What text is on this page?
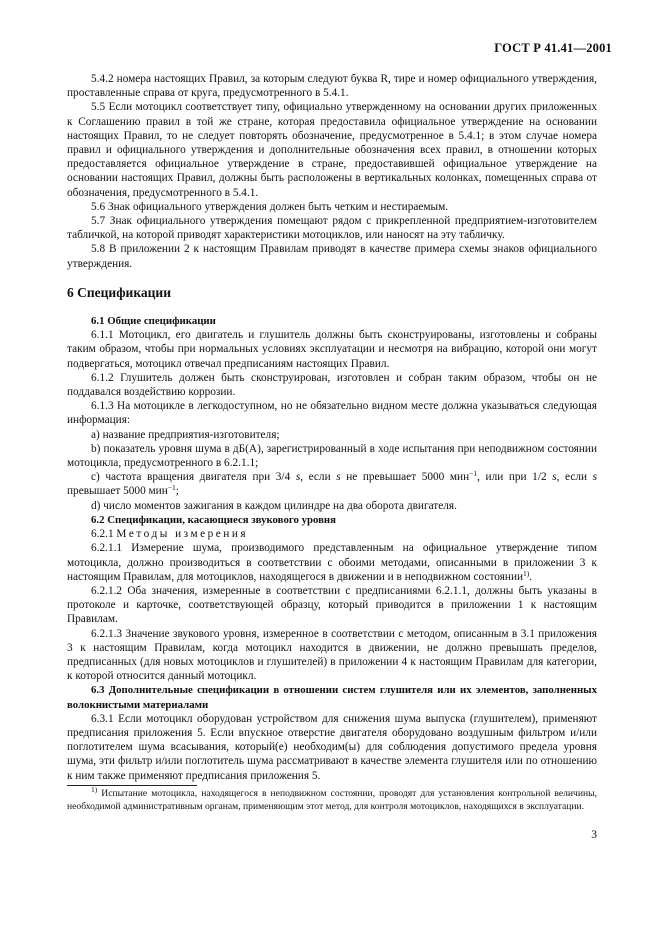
ГОСТ Р 41.41—2001

5.4.2 номера настоящих Правил, за которым следуют буква R, тире и номер официального утверждения, проставленные справа от круга, предусмотренного в 5.4.1.

5.5 Если мотоцикл соответствует типу, официально утвержденному на основании других приложенных к Соглашению правил в той же стране, которая предоставила официальное утверждение на основании настоящих Правил, то не следует повторять обозначение, предусмотренное в 5.4.1; в этом случае номера правил и официального утверждения и дополнительные обозначения всех правил, в отношении которых предоставляется официальное утверждение в стране, предоставившей официальное утверждение на основании настоящих Правил, должны быть расположены в вертикальных колонках, помещенных справа от обозначения, предусмотренного в 5.4.1.

5.6 Знак официального утверждения должен быть четким и нестираемым.

5.7 Знак официального утверждения помещают рядом с прикрепленной предприятием-изготовителем табличкой, на которой приводят характеристики мотоциклов, или наносят на эту табличку.

5.8 В приложении 2 к настоящим Правилам приводят в качестве примера схемы знаков официального утверждения.

6 Спецификации

6.1 Общие спецификации

6.1.1 Мотоцикл, его двигатель и глушитель должны быть сконструированы, изготовлены и собраны таким образом, чтобы при нормальных условиях эксплуатации и несмотря на вибрацию, которой они могут подвергаться, мотоцикл отвечал предписаниям настоящих Правил.

6.1.2 Глушитель должен быть сконструирован, изготовлен и собран таким образом, чтобы он не поддавался воздействию коррозии.

6.1.3 На мотоцикле в легкодоступном, но не обязательно видном месте должна указываться следующая информация:

a) название предприятия-изготовителя;

b) показатель уровня шума в дБ(А), зарегистрированный в ходе испытания при неподвижном состоянии мотоцикла, предусмотренного в 6.2.1.1;

c) частота вращения двигателя при 3/4 s, если s не превышает 5000 мин$^{-1}$, или при 1/2 s, если s превышает 5000 мин$^{-1}$;

d) число моментов зажигания в каждом цилиндре на два оборота двигателя.

6.2 Спецификации, касающиеся звукового уровня

6.2.1 Методы измерения

6.2.1.1 Измерение шума, производимого представленным на официальное утверждение типом мотоцикла, должно производиться в соответствии с обоими методами, описанными в приложении 3 к настоящим Правилам, для мотоциклов, находящегося в движении и в неподвижном состоянии$^{1)}$.

6.2.1.2 Оба значения, измеренные в соответствии с предписаниями 6.2.1.1, должны быть указаны в протоколе и карточке, соответствующей образцу, который приводится в приложении 1 к настоящим Правилам.

6.2.1.3 Значение звукового уровня, измеренное в соответствии с методом, описанным в 3.1 приложения 3 к настоящим Правилам, когда мотоцикл находится в движении, не должно превышать пределов, предписанных (для новых мотоциклов и глушителей) в приложении 4 к настоящим Правилам для категории, к которой относится данный мотоцикл.

6.3 Дополнительные спецификации в отношении систем глушителя или их элементов, заполненных волокнистыми материалами

6.3.1 Если мотоцикл оборудован устройством для снижения шума выпуска (глушителем), применяют предписания приложения 5. Если впускное отверстие двигателя оборудовано воздушным фильтром и/или поглотителем шума всасывания, который(е) необходим(ы) для соблюдения допустимого предела уровня шума, эти фильтр и/или поглотитель шума рассматривают в качестве элемента глушителя или по отношению к ним также применяют предписания приложения 5.

$^{1)}$ Испытание мотоцикла, находящегося в неподвижном состоянии, проводят для установления контрольной величины, необходимой административным органам, применяющим этот метод, для контроля мотоциклов, находящихся в эксплуатации.
3
